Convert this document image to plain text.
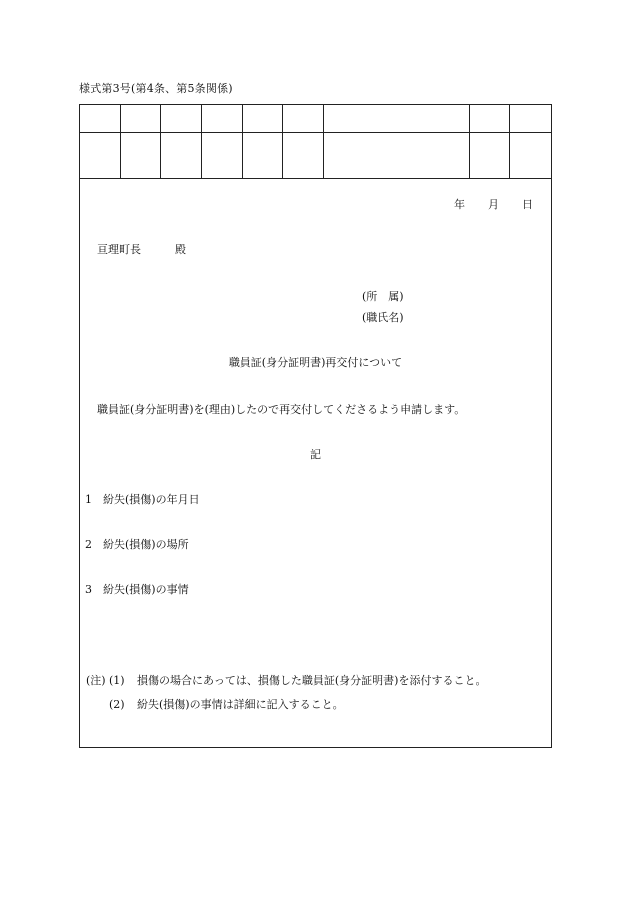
様式第3号(第4条、第5条関係)

年 月 日
亘理町長	殿
(所　属)
(職氏名)
職員証(身分証明書)再交付について
職員証(身分証明書)を(理由)したので再交付してくださるよう申請します。
記
1 紛失(損傷)の年月日
2 紛失(損傷)の場所
3 紛失(損傷)の事情
(注) (1) 損傷の場合にあっては、損傷した職員証(身分証明書)を添付すること。
(2) 紛失(損傷)の事情は詳細に記入すること。
